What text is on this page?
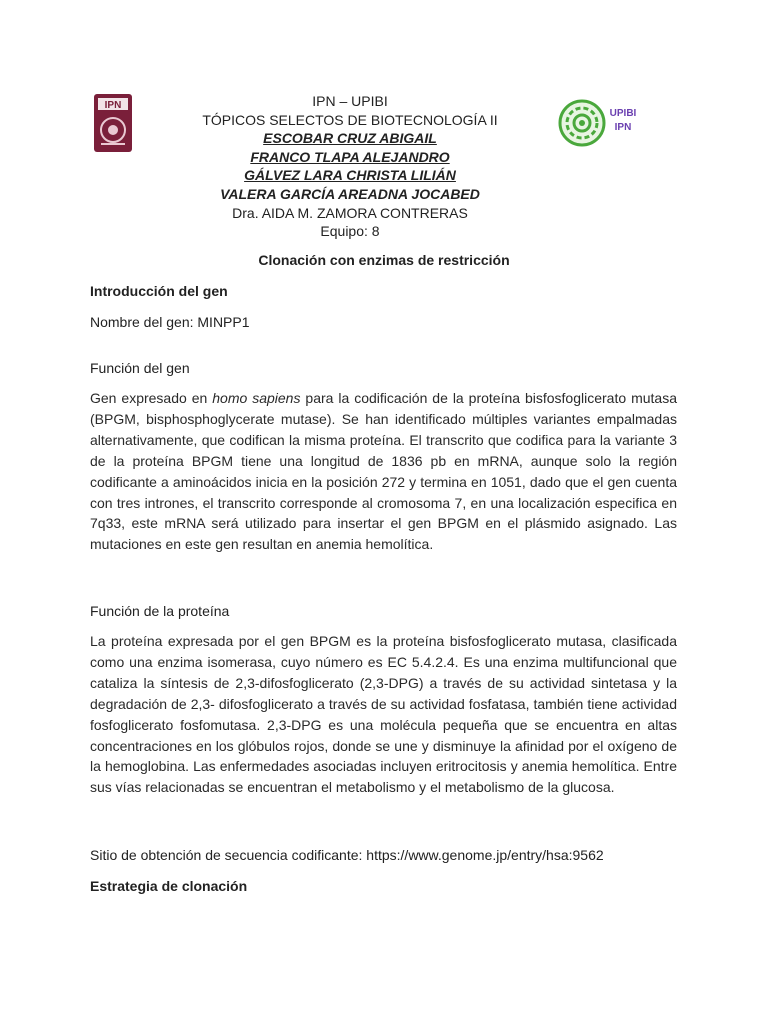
IPN	IPN – UPIBI
TÓPICOS SELECTOS DE BIOTECNOLOGÍA II
ESCOBAR CRUZ ABIGAIL
FRANCO TLAPA ALEJANDRO
GÁLVEZ LARA CHRISTA LILIÁN
VALERA GARCÍA AREADNA JOCABED
Dra. AIDA M. ZAMORA CONTRERAS
Equipo: 8
UPIBI
IPN
Clonación con enzimas de restricción
Introducción del gen
Nombre del gen: MINPP1
Función del gen
Gen expresado en homo sapiens para la codificación de la proteína bisfosfoglicerato mutasa (BPGM, bisphosphoglycerate mutase). Se han identificado múltiples variantes empalmadas alternativamente, que codifican la misma proteína. El transcrito que codifica para la variante 3 de la proteína BPGM tiene una longitud de 1836 pb en mRNA, aunque solo la región codificante a aminoácidos inicia en la posición 272 y termina en 1051, dado que el gen cuenta con tres intrones, el transcrito corresponde al cromosoma 7, en una localización especifica en 7q33, este mRNA será utilizado para insertar el gen BPGM en el plásmido asignado. Las mutaciones en este gen resultan en anemia hemolítica.
Función de la proteína
La proteína expresada por el gen BPGM es la proteína bisfosfoglicerato mutasa, clasificada como una enzima isomerasa, cuyo número es EC 5.4.2.4. Es una enzima multifuncional que cataliza la síntesis de 2,3-difosfoglicerato (2,3-DPG) a través de su actividad sintetasa y la degradación de 2,3- difosfoglicerato a través de su actividad fosfatasa, también tiene actividad fosfoglicerato fosfomutasa. 2,3-DPG es una molécula pequeña que se encuentra en altas concentraciones en los glóbulos rojos, donde se une y disminuye la afinidad por el oxígeno de la hemoglobina. Las enfermedades asociadas incluyen eritrocitosis y anemia hemolítica. Entre sus vías relacionadas se encuentran el metabolismo y el metabolismo de la glucosa.
Sitio de obtención de secuencia codificante: https://www.genome.jp/entry/hsa:9562
Estrategia de clonación
